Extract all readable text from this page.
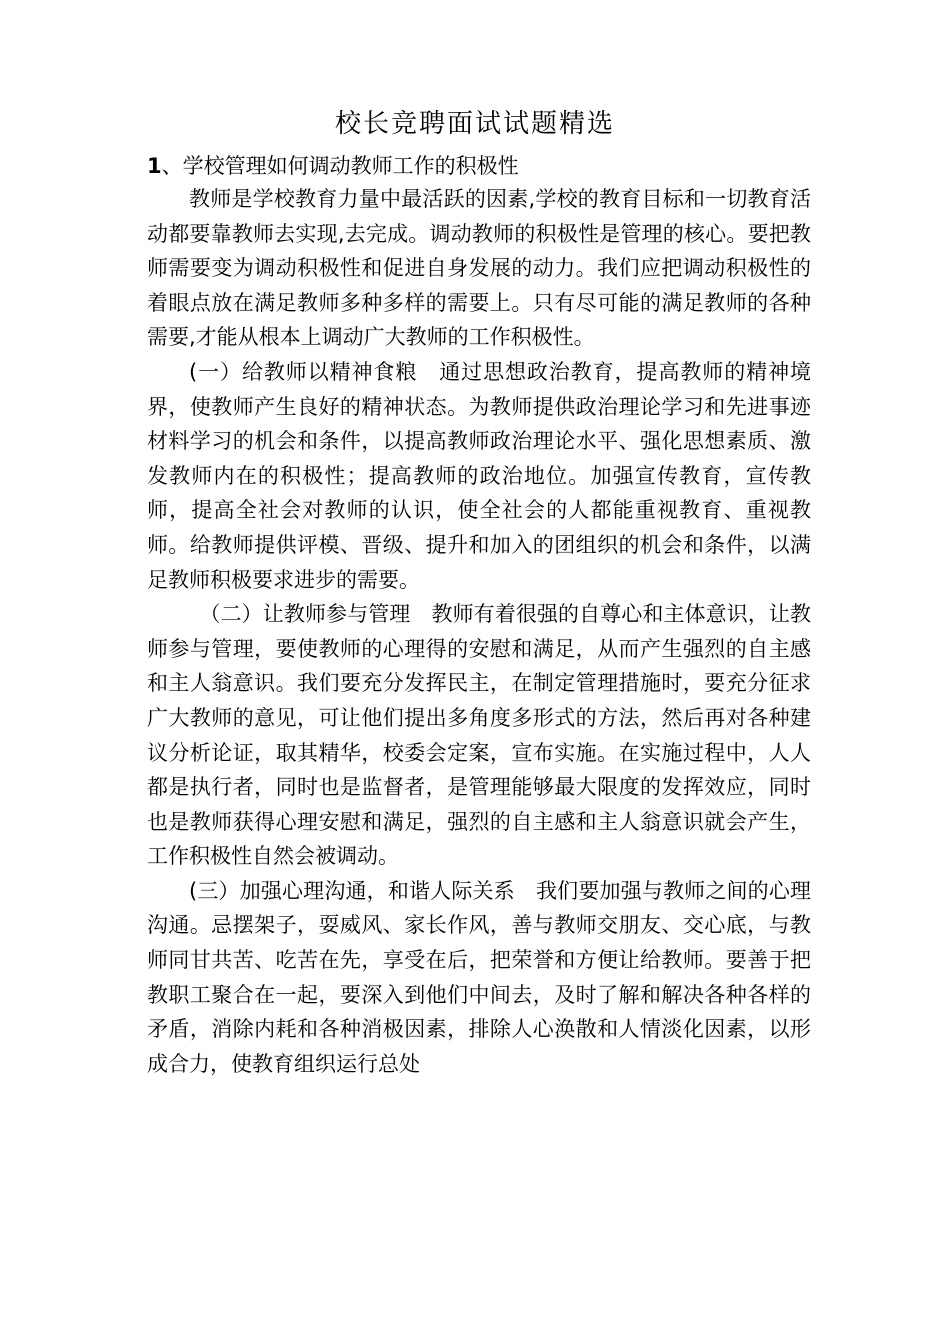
校长竞聘面试试题精选
1、学校管理如何调动教师工作的积极性

教师是学校教育力量中最活跃的因素,学校的教育目标和一切教育活动都要靠教师去实现,去完成。调动教师的积极性是管理的核心。要把教师需要变为调动积极性和促进自身发展的动力。我们应把调动积极性的着眼点放在满足教师多种多样的需要上。只有尽可能的满足教师的各种需要,才能从根本上调动广大教师的工作积极性。

(一）给教师以精神食粮　通过思想政治教育，提高教师的精神境界，使教师产生良好的精神状态。为教师提供政治理论学习和先进事迹材料学习的机会和条件，以提高教师政治理论水平、强化思想素质、激发教师内在的积极性；提高教师的政治地位。加强宣传教育，宣传教师，提高全社会对教师的认识，使全社会的人都能重视教育、重视教师。给教师提供评模、晋级、提升和加入的团组织的机会和条件，以满足教师积极要求进步的需要。

（二）让教师参与管理　教师有着很强的自尊心和主体意识，让教师参与管理，要使教师的心理得的安慰和满足，从而产生强烈的自主感和主人翁意识。我们要充分发挥民主，在制定管理措施时，要充分征求广大教师的意见，可让他们提出多角度多形式的方法，然后再对各种建议分析论证，取其精华，校委会定案，宣布实施。在实施过程中，人人都是执行者，同时也是监督者，是管理能够最大限度的发挥效应，同时也是教师获得心理安慰和满足，强烈的自主感和主人翁意识就会产生，工作积极性自然会被调动。

(三）加强心理沟通，和谐人际关系　我们要加强与教师之间的心理沟通。忌摆架子，耍威风、家长作风，善与教师交朋友、交心底，与教师同甘共苦、吃苦在先，享受在后，把荣誉和方便让给教师。要善于把教职工聚合在一起，要深入到他们中间去，及时了解和解决各种各样的矛盾，消除内耗和各种消极因素，排除人心涣散和人情淡化因素，以形成合力，使教育组织运行总处
